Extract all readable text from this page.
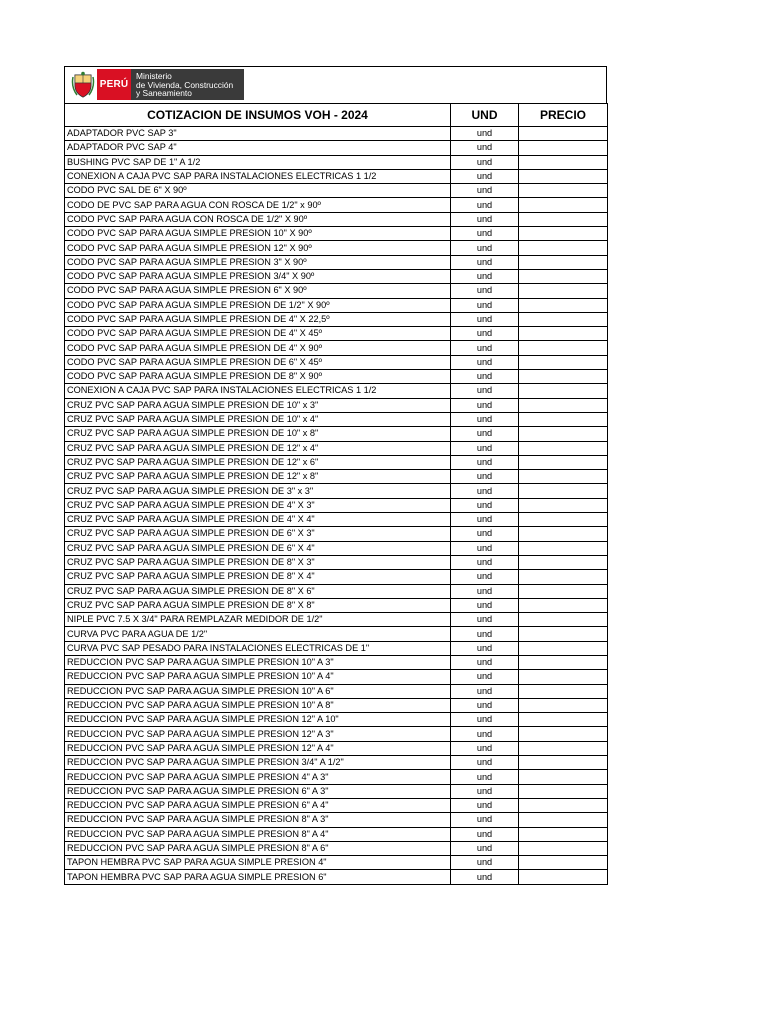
PERÚ
Ministerio
de Vivienda, Construcción
y Saneamiento
COTIZACION DE INSUMOS VOH - 2024	UND	PRECIO
ADAPTADOR PVC SAP 3"	und	
ADAPTADOR PVC SAP 4"	und	
BUSHING PVC SAP DE 1" A 1/2	und	
CONEXION A CAJA PVC SAP PARA INSTALACIONES ELECTRICAS 1 1/2	und	
CODO PVC SAL DE 6" X 90º	und	
CODO DE PVC SAP PARA AGUA CON ROSCA DE 1/2" x 90º	und	
CODO PVC SAP PARA AGUA CON ROSCA DE 1/2" X 90º	und	
CODO PVC SAP PARA AGUA SIMPLE PRESION 10" X 90º	und	
CODO PVC SAP PARA AGUA SIMPLE PRESION 12" X 90º	und	
CODO PVC SAP PARA AGUA SIMPLE PRESION 3" X 90º	und	
CODO PVC SAP PARA AGUA SIMPLE PRESION 3/4" X 90º	und	
CODO PVC SAP PARA AGUA SIMPLE PRESION 6" X 90º	und	
CODO PVC SAP PARA AGUA SIMPLE PRESION DE 1/2" X 90º	und	
CODO PVC SAP PARA AGUA SIMPLE PRESION DE 4" X 22,5º	und	
CODO PVC SAP PARA AGUA SIMPLE PRESION DE 4" X 45º	und	
CODO PVC SAP PARA AGUA SIMPLE PRESION DE 4" X 90º	und	
CODO PVC SAP PARA AGUA SIMPLE PRESION DE 6" X 45º	und	
CODO PVC SAP PARA AGUA SIMPLE PRESION DE 8" X 90º	und	
CONEXION A CAJA PVC SAP PARA INSTALACIONES ELECTRICAS 1 1/2	und	
CRUZ PVC SAP PARA AGUA SIMPLE PRESION DE 10" x 3"	und	
CRUZ PVC SAP PARA AGUA SIMPLE PRESION DE 10" x 4"	und	
CRUZ PVC SAP PARA AGUA SIMPLE PRESION DE 10" x 8"	und	
CRUZ PVC SAP PARA AGUA SIMPLE PRESION DE 12" x 4"	und	
CRUZ PVC SAP PARA AGUA SIMPLE PRESION DE 12" x 6"	und	
CRUZ PVC SAP PARA AGUA SIMPLE PRESION DE 12" x 8"	und	
CRUZ PVC SAP PARA AGUA SIMPLE PRESION DE 3" x 3"	und	
CRUZ PVC SAP PARA AGUA SIMPLE PRESION DE 4" X 3"	und	
CRUZ PVC SAP PARA AGUA SIMPLE PRESION DE 4" X 4"	und	
CRUZ PVC SAP PARA AGUA SIMPLE PRESION DE 6" X 3"	und	
CRUZ PVC SAP PARA AGUA SIMPLE PRESION DE 6" X 4"	und	
CRUZ PVC SAP PARA AGUA SIMPLE PRESION DE 8" X 3"	und	
CRUZ PVC SAP PARA AGUA SIMPLE PRESION DE 8" X 4"	und	
CRUZ PVC SAP PARA AGUA SIMPLE PRESION DE 8" X 6"	und	
CRUZ PVC SAP PARA AGUA SIMPLE PRESION DE 8" X 8"	und	
NIPLE PVC 7.5 X 3/4" PARA REMPLAZAR MEDIDOR DE 1/2"	und	
CURVA PVC PARA AGUA DE 1/2"	und	
CURVA PVC SAP PESADO PARA INSTALACIONES ELECTRICAS DE 1"	und	
REDUCCION PVC SAP PARA AGUA SIMPLE PRESION 10" A 3"	und	
REDUCCION PVC SAP PARA AGUA SIMPLE PRESION 10" A 4"	und	
REDUCCION PVC SAP PARA AGUA SIMPLE PRESION 10" A 6"	und	
REDUCCION PVC SAP PARA AGUA SIMPLE PRESION 10" A 8"	und	
REDUCCION PVC SAP PARA AGUA SIMPLE PRESION 12" A 10"	und	
REDUCCION PVC SAP PARA AGUA SIMPLE PRESION 12" A 3"	und	
REDUCCION PVC SAP PARA AGUA SIMPLE PRESION 12" A 4"	und	
REDUCCION PVC SAP PARA AGUA SIMPLE PRESION 3/4" A 1/2"	und	
REDUCCION PVC SAP PARA AGUA SIMPLE PRESION 4" A 3"	und	
REDUCCION PVC SAP PARA AGUA SIMPLE PRESION 6" A 3"	und	
REDUCCION PVC SAP PARA AGUA SIMPLE PRESION 6" A 4"	und	
REDUCCION PVC SAP PARA AGUA SIMPLE PRESION 8" A 3"	und	
REDUCCION PVC SAP PARA AGUA SIMPLE PRESION 8" A 4"	und	
REDUCCION PVC SAP PARA AGUA SIMPLE PRESION 8" A 6"	und	
TAPON HEMBRA PVC SAP PARA AGUA SIMPLE PRESION 4"	und	
TAPON HEMBRA PVC SAP PARA AGUA SIMPLE PRESION 6"	und	
